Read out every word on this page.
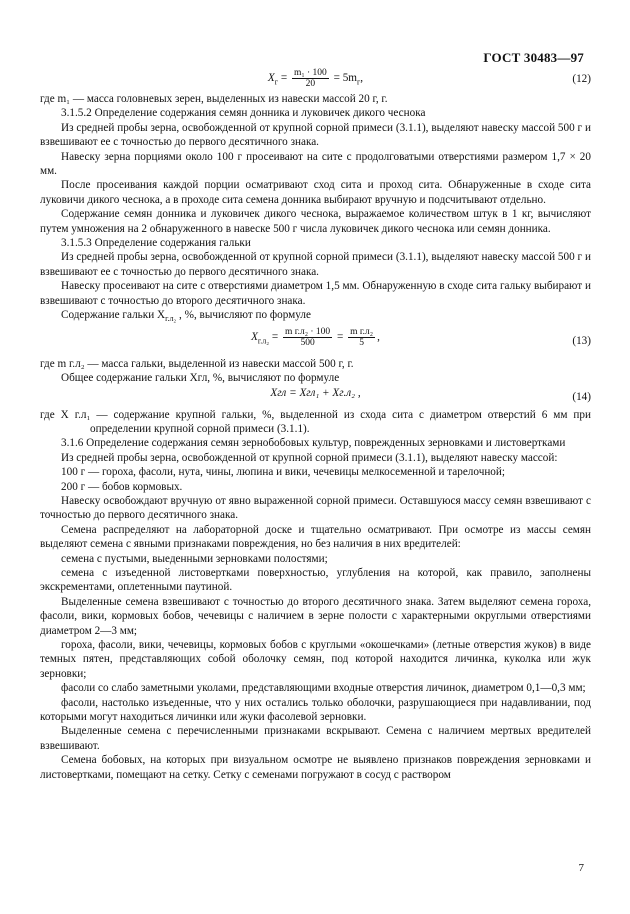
ГОСТ 30483—97
$X_г = \frac{\text{m₁ · 100}}{20} = 5m_г$,	(12)

где m₁ — масса головневых зерен, выделенных из навески массой 20 г, г.

3.1.5.2 Определение содержания семян донника и луковичек дикого чеснока

Из средней пробы зерна, освобожденной от крупной сорной примеси (3.1.1), выделяют навеску массой 500 г и взвешивают ее с точностью до первого десятичного знака.

Навеску зерна порциями около 100 г просеивают на сите с продолговатыми отверстиями размером 1,7 × 20 мм.

После просеивания каждой порции осматривают сход сита и проход сита. Обнаруженные в сходе сита луковичи дикого чеснока, а в проходе сита семена донника выбирают вручную и подсчитывают отдельно.

Содержание семян донника и луковичек дикого чеснока, выражаемое количеством штук в 1 кг, вычисляют путем умножения на 2 обнаруженного в навеске 500 г числа луковичек дикого чеснока или семян донника.

3.1.5.3 Определение содержания гальки

Из средней пробы зерна, освобожденной от крупной сорной примеси (3.1.1), выделяют навеску массой 500 г и взвешивают ее с точностью до первого десятичного знака.

Навеску просеивают на сите с отверстиями диаметром 1,5 мм. Обнаруженную в сходе сита гальку выбирают и взвешивают с точностью до второго десятичного знака.

Содержание гальки $X_{г.л_2}$ , %, вычисляют по формуле

$X_{г.л_2} = \frac{\text{m г.л₂ · 100}}{500} = \frac{\text{m г.л₂}}{5}$ ,	(13)

где m г.л₂ — масса гальки, выделенной из навески массой 500 г, г.

Общее содержание гальки Xгл, %, вычисляют по формуле

Xгл = Xгл₁ + Xг.л₂ ,	(14)

где X г.л₁ — содержание крупной гальки, %, выделенной из схода сита с диаметром отверстий 6 мм при определении крупной сорной примеси (3.1.1).

3.1.6 Определение содержания семян зернобобовых культур, поврежденных зерновками и листовертками

Из средней пробы зерна, освобожденной от крупной сорной примеси (3.1.1), выделяют навеску массой:

100 г — гороха, фасоли, нута, чины, люпина и вики, чечевицы мелкосеменной и тарелочной;

200 г — бобов кормовых.

Навеску освобождают вручную от явно выраженной сорной примеси. Оставшуюся массу семян взвешивают с точностью до первого десятичного знака.

Семена распределяют на лабораторной доске и тщательно осматривают. При осмотре из массы семян выделяют семена с явными признаками повреждения, но без наличия в них вредителей:

семена с пустыми, выеденными зерновками полостями;

семена с изъеденной листовертками поверхностью, углубления на которой, как правило, заполнены экскрементами, оплетенными паутиной.

Выделенные семена взвешивают с точностью до второго десятичного знака. Затем выделяют семена гороха, фасоли, вики, кормовых бобов, чечевицы с наличием в зерне полости с характерными округлыми отверстиями диаметром 2—3 мм;

гороха, фасоли, вики, чечевицы, кормовых бобов с круглыми «окошечками» (летные отверстия жуков) в виде темных пятен, представляющих собой оболочку семян, под которой находится личинка, куколка или жук зерновки;

фасоли со слабо заметными уколами, представляющими входные отверстия личинок, диаметром 0,1—0,3 мм;

фасоли, настолько изъеденные, что у них остались только оболочки, разрушающиеся при надавливании, под которыми могут находиться личинки или жуки фасолевой зерновки.

Выделенные семена с перечисленными признаками вскрывают. Семена с наличием мертвых вредителей взвешивают.

Семена бобовых, на которых при визуальном осмотре не выявлено признаков повреждения зерновками и листовертками, помещают на сетку. Сетку с семенами погружают в сосуд с раствором

7
